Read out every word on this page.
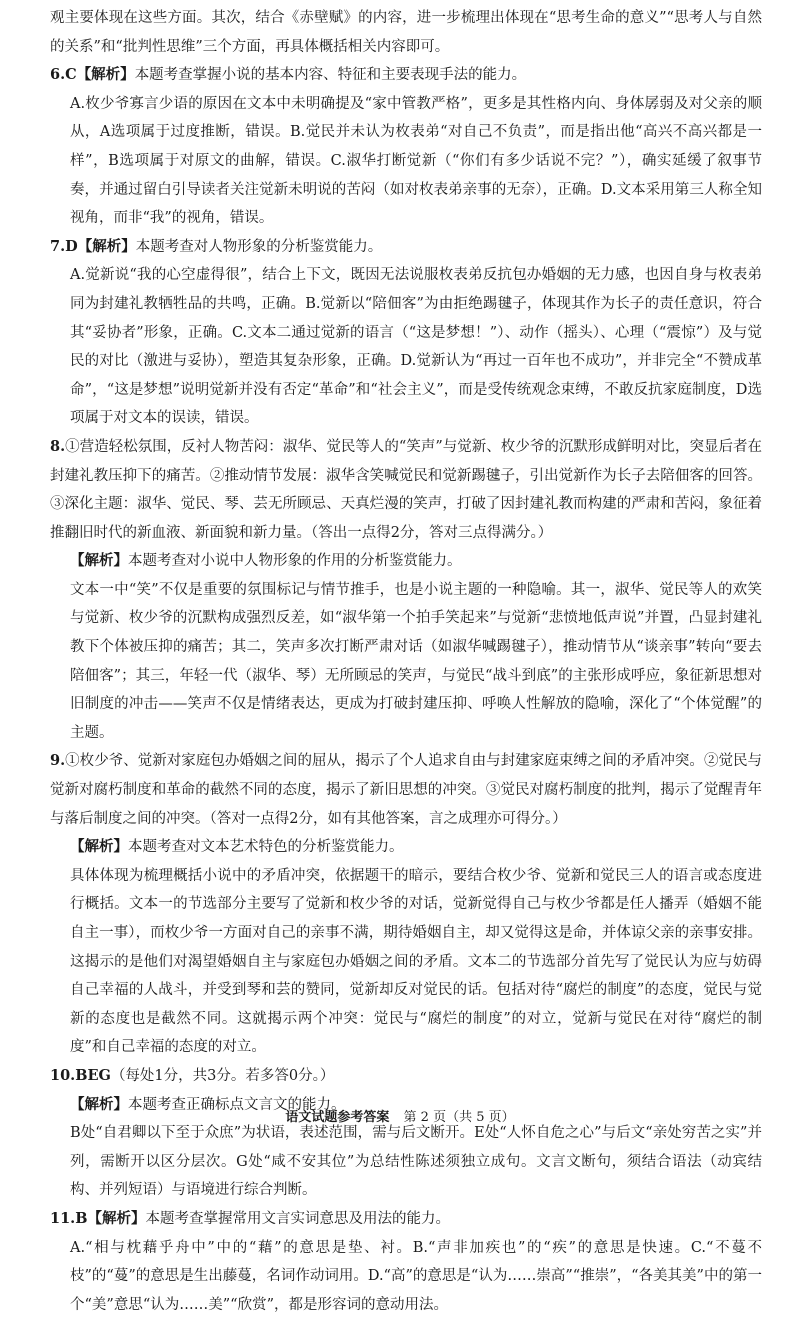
观主要体现在这些方面。其次，结合《赤壁赋》的内容，进一步梳理出体现在“思考生命的意义”“思考人与自然的关系”和“批判性思维”三个方面，再具体概括相关内容即可。

6.C【解析】本题考查掌握小说的基本内容、特征和主要表现手法的能力。

A.枚少爷寡言少语的原因在文本中未明确提及“家中管教严格”，更多是其性格内向、身体孱弱及对父亲的顺从，A选项属于过度推断，错误。B.觉民并未认为枚表弟“对自己不负责”，而是指出他“高兴不高兴都是一样”，B选项属于对原文的曲解，错误。C.淑华打断觉新（“你们有多少话说不完？”），确实延缓了叙事节奏，并通过留白引导读者关注觉新未明说的苦闷（如对枚表弟亲事的无奈），正确。D.文本采用第三人称全知视角，而非“我”的视角，错误。

7.D【解析】本题考查对人物形象的分析鉴赏能力。

A.觉新说“我的心空虚得很”，结合上下文，既因无法说服枚表弟反抗包办婚姻的无力感，也因自身与枚表弟同为封建礼教牺牲品的共鸣，正确。B.觉新以“陪佃客”为由拒绝踢毽子，体现其作为长子的责任意识，符合其“妥协者”形象，正确。C.文本二通过觉新的语言（“这是梦想！”）、动作（摇头）、心理（“震惊”）及与觉民的对比（激进与妥协），塑造其复杂形象，正确。D.觉新认为“再过一百年也不成功”，并非完全“不赞成革命”，“这是梦想”说明觉新并没有否定“革命”和“社会主义”，而是受传统观念束缚，不敢反抗家庭制度，D选项属于对文本的误读，错误。

8.①营造轻松氛围，反衬人物苦闷：淑华、觉民等人的“笑声”与觉新、枚少爷的沉默形成鲜明对比，突显后者在封建礼教压抑下的痛苦。②推动情节发展：淑华含笑喊觉民和觉新踢毽子，引出觉新作为长子去陪佃客的回答。③深化主题：淑华、觉民、琴、芸无所顾忌、天真烂漫的笑声，打破了因封建礼教而构建的严肃和苦闷，象征着推翻旧时代的新血液、新面貌和新力量。（答出一点得2分，答对三点得满分。）

【解析】本题考查对小说中人物形象的作用的分析鉴赏能力。

文本一中“笑”不仅是重要的氛围标记与情节推手，也是小说主题的一种隐喻。其一，淑华、觉民等人的欢笑与觉新、枚少爷的沉默构成强烈反差，如“淑华第一个拍手笑起来”与觉新“悲愤地低声说”并置，凸显封建礼教下个体被压抑的痛苦；其二，笑声多次打断严肃对话（如淑华喊踢毽子），推动情节从“谈亲事”转向“要去陪佃客”；其三，年轻一代（淑华、琴）无所顾忌的笑声，与觉民“战斗到底”的主张形成呼应，象征新思想对旧制度的冲击——笑声不仅是情绪表达，更成为打破封建压抑、呼唤人性解放的隐喻，深化了“个体觉醒”的主题。

9.①枚少爷、觉新对家庭包办婚姻之间的屈从，揭示了个人追求自由与封建家庭束缚之间的矛盾冲突。②觉民与觉新对腐朽制度和革命的截然不同的态度，揭示了新旧思想的冲突。③觉民对腐朽制度的批判，揭示了觉醒青年与落后制度之间的冲突。（答对一点得2分，如有其他答案，言之成理亦可得分。）

【解析】本题考查对文本艺术特色的分析鉴赏能力。

具体体现为梳理概括小说中的矛盾冲突，依据题干的暗示，要结合枚少爷、觉新和觉民三人的语言或态度进行概括。文本一的节选部分主要写了觉新和枚少爷的对话，觉新觉得自己与枚少爷都是任人播弄（婚姻不能自主一事），而枚少爷一方面对自己的亲事不满，期待婚姻自主，却又觉得这是命，并体谅父亲的亲事安排。这揭示的是他们对渴望婚姻自主与家庭包办婚姻之间的矛盾。文本二的节选部分首先写了觉民认为应与妨碍自己幸福的人战斗，并受到琴和芸的赞同，觉新却反对觉民的话。包括对待“腐烂的制度”的态度，觉民与觉新的态度也是截然不同。这就揭示两个冲突：觉民与“腐烂的制度”的对立，觉新与觉民在对待“腐烂的制度”和自己幸福的态度的对立。

10.BEG（每处1分，共3分。若多答0分。）

【解析】本题考查正确标点文言文的能力。

B处“自君卿以下至于众庶”为状语，表述范围，需与后文断开。E处“人怀自危之心”与后文“亲处穷苦之实”并列，需断开以区分层次。G处“咸不安其位”为总结性陈述须独立成句。文言文断句，须结合语法（动宾结构、并列短语）与语境进行综合判断。

11.B【解析】本题考查掌握常用文言实词意思及用法的能力。

A.“相与枕藉乎舟中”中的“藉”的意思是垫、衬。B.“声非加疾也”的“疾”的意思是快速。C.“不蔓不枝”的“蔓”的意思是生出藤蔓，名词作动词用。D.“高”的意思是“认为……崇高”“推崇”，“各美其美”中的第一个“美”意思“认为……美”“欣赏”，都是形容词的意动用法。

语文试题参考答案 第 2 页（共 5 页）
